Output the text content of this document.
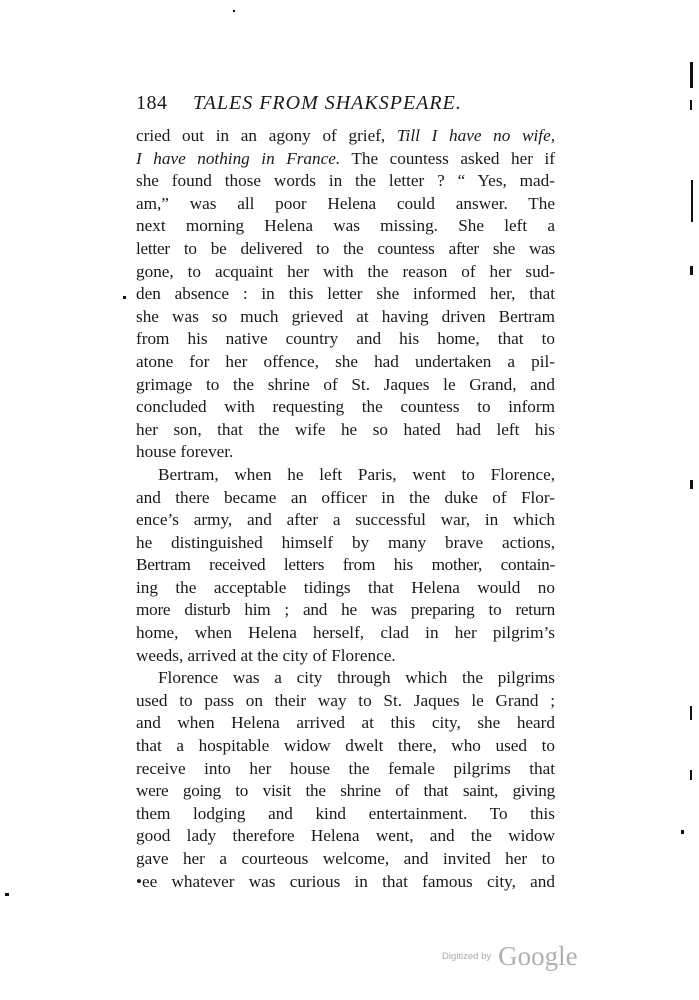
184 TALES FROM SHAKSPEARE.
cried out in an agony of grief, Till I have no wife,
I have nothing in France. The countess asked her if
she found those words in the letter ? “ Yes, mad-
am,” was all poor Helena could answer. The
next morning Helena was missing. She left a
letter to be delivered to the countess after she was
gone, to acquaint her with the reason of her sud-
den absence : in this letter she informed her, that
she was so much grieved at having driven Bertram
from his native country and his home, that to
atone for her offence, she had undertaken a pil-
grimage to the shrine of St. Jaques le Grand, and
concluded with requesting the countess to inform
her son, that the wife he so hated had left his
house forever.
Bertram, when he left Paris, went to Florence,
and there became an officer in the duke of Flor-
ence’s army, and after a successful war, in which
he distinguished himself by many brave actions,
Bertram received letters from his mother, contain-
ing the acceptable tidings that Helena would no
more disturb him ; and he was preparing to return
home, when Helena herself, clad in her pilgrim’s
weeds, arrived at the city of Florence.
Florence was a city through which the pilgrims
used to pass on their way to St. Jaques le Grand ;
and when Helena arrived at this city, she heard
that a hospitable widow dwelt there, who used to
receive into her house the female pilgrims that
were going to visit the shrine of that saint, giving
them lodging and kind entertainment. To this
good lady therefore Helena went, and the widow
gave her a courteous welcome, and invited her to
•ee whatever was curious in that famous city, and
Digitized by Google
